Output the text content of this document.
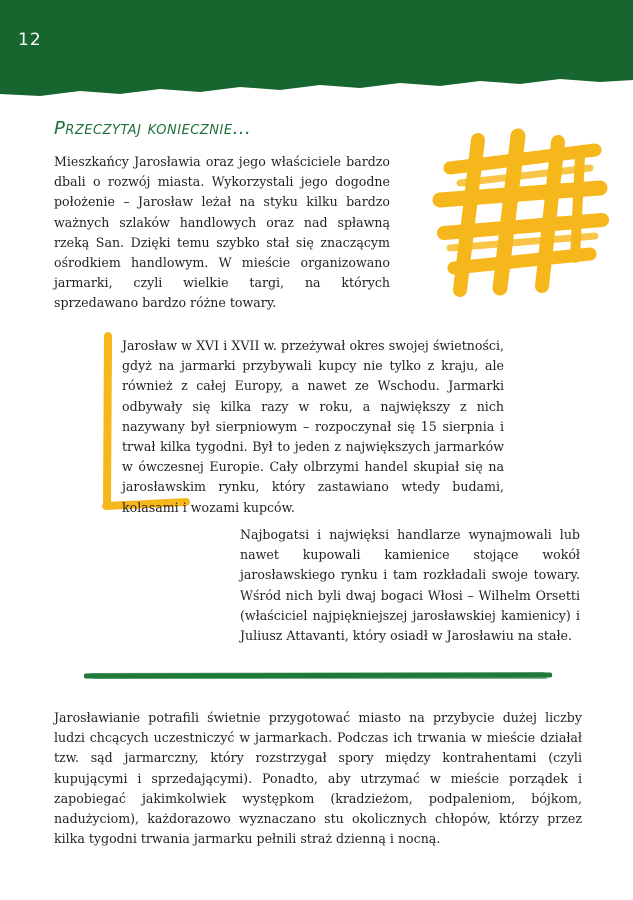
12
Przeczytaj koniecznie...

Mieszkańcy Jarosławia oraz jego właściciele bardzo dbali o rozwój miasta. Wykorzystali jego dogodne położenie – Jarosław leżał na styku kilku bardzo ważnych szlaków handlowych oraz nad spławną rzeką San. Dzięki temu szybko stał się znaczącym ośrodkiem handlowym. W mieście organizowano jarmarki, czyli wielkie targi, na których sprzedawano bardzo różne towary.

Jarosław w XVI i XVII w. przeżywał okres swojej świetności, gdyż na jarmarki przybywali kupcy nie tylko z kraju, ale również z całej Europy, a nawet ze Wschodu. Jarmarki odbywały się kilka razy w roku, a największy z nich nazywany był sierpniowym – rozpoczynał się 15 sierpnia i trwał kilka tygodni. Był to jeden z największych jarmarków w ówczesnej Europie. Cały olbrzymi handel skupiał się na jarosławskim rynku, który zastawiano wtedy budami, kolasami i wozami kupców.

Najbogatsi i najwięksi handlarze wynajmowali lub nawet kupowali kamienice stojące wokół jarosławskiego rynku i tam rozkładali swoje towary. Wśród nich byli dwaj bogaci Włosi – Wilhelm Orsetti (właściciel najpiękniejszej jarosławskiej kamienicy) i Juliusz Attavanti, który osiadł w Jarosławiu na stałe.

Jarosławianie potrafili świetnie przygotować miasto na przybycie dużej liczby ludzi chcących uczestniczyć w jarmarkach. Podczas ich trwania w mieście działał tzw. sąd jarmarczny, który rozstrzygał spory między kontrahentami (czyli kupującymi i sprzedającymi). Ponadto, aby utrzymać w mieście porządek i zapobiegać jakimkolwiek występkom (kradzieżom, podpaleniom, bójkom, nadużyciom), każdorazowo wyznaczano stu okolicznych chłopów, którzy przez kilka tygodni trwania jarmarku pełnili straż dzienną i nocną.
